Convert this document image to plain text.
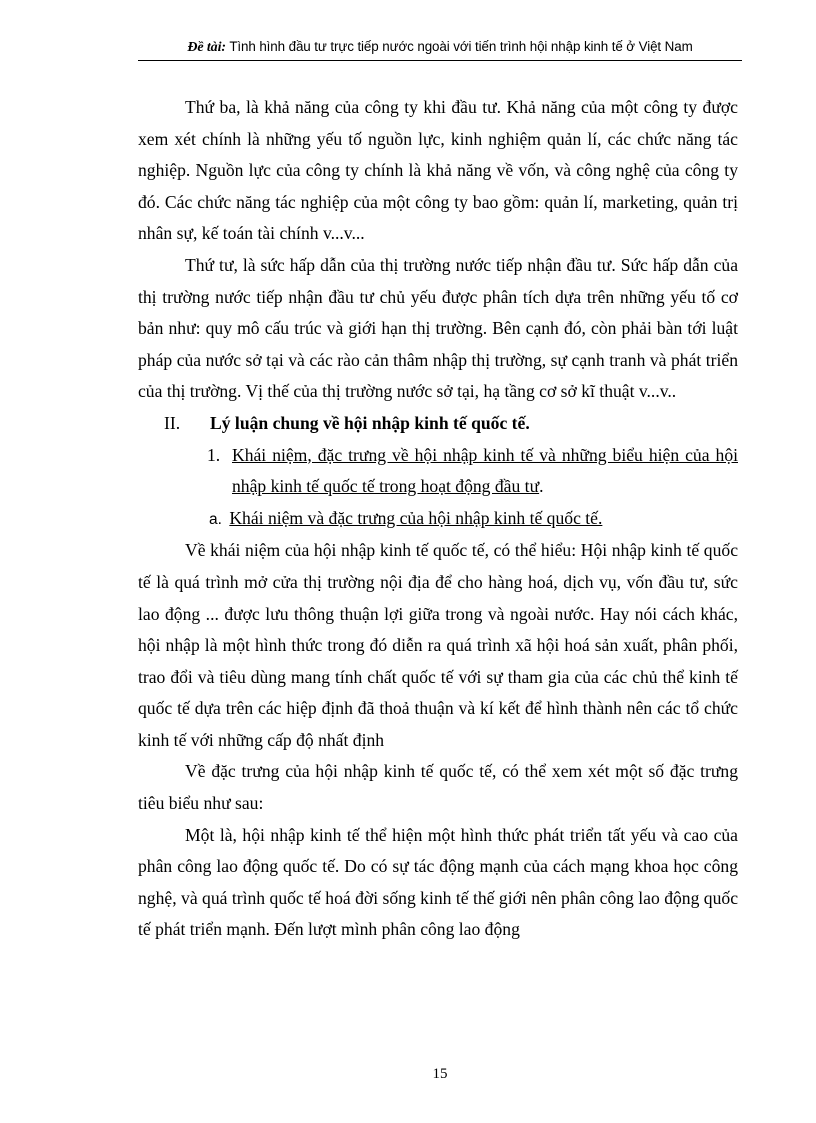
Đề tài: Tình hình đầu tư trực tiếp nước ngoài với tiến trình hội nhập kinh tế ở Việt Nam

Thứ ba, là khả năng của công ty khi đầu tư. Khả năng của một công ty được xem xét chính là những yếu tố nguồn lực, kinh nghiệm quản lí, các chức năng tác nghiệp. Nguồn lực của công ty chính là khả năng về vốn, và công nghệ của công ty đó. Các chức năng tác nghiệp của một công ty bao gồm: quản lí, marketing, quản trị nhân sự, kế toán tài chính v...v...

Thứ tư, là sức hấp dẫn của thị trường nước tiếp nhận đầu tư. Sức hấp dẫn của thị trường nước tiếp nhận đầu tư chủ yếu được phân tích dựa trên những yếu tố cơ bản như: quy mô cấu trúc và giới hạn thị trường. Bên cạnh đó, còn phải bàn tới luật pháp của nước sở tại và các rào cản thâm nhập thị trường, sự cạnh tranh và phát triển của thị trường. Vị thế của thị trường nước sở tại, hạ tầng cơ sở kĩ thuật v...v..

II.	Lý luận chung về hội nhập kinh tế quốc tế.
1. Khái niệm, đặc trưng về hội nhập kinh tế và những biểu hiện của hội nhập kinh tế quốc tế trong hoạt động đầu tư.
a. Khái niệm và đặc trưng của hội nhập kinh tế quốc tế.

Về khái niệm của hội nhập kinh tế quốc tế, có thể hiểu: Hội nhập kinh tế quốc tế là quá trình mở cửa thị trường nội địa để cho hàng hoá, dịch vụ, vốn đầu tư, sức lao động ... được lưu thông thuận lợi giữa trong và ngoài nước. Hay nói cách khác, hội nhập là một hình thức trong đó diễn ra quá trình xã hội hoá sản xuất, phân phối, trao đổi và tiêu dùng mang tính chất quốc tế với sự tham gia của các chủ thể kinh tế quốc tế dựa trên các hiệp định đã thoả thuận và kí kết để hình thành nên các tổ chức kinh tế với những cấp độ nhất định

Về đặc trưng của hội nhập kinh tế quốc tế, có thể xem xét một số đặc trưng tiêu biểu như sau:

Một là, hội nhập kinh tế thể hiện một hình thức phát triển tất yếu và cao của phân công lao động quốc tế. Do có sự tác động mạnh của cách mạng khoa học công nghệ, và quá trình quốc tế hoá đời sống kinh tế thế giới nên phân công lao động quốc tế phát triển mạnh. Đến lượt mình phân công lao động

15
